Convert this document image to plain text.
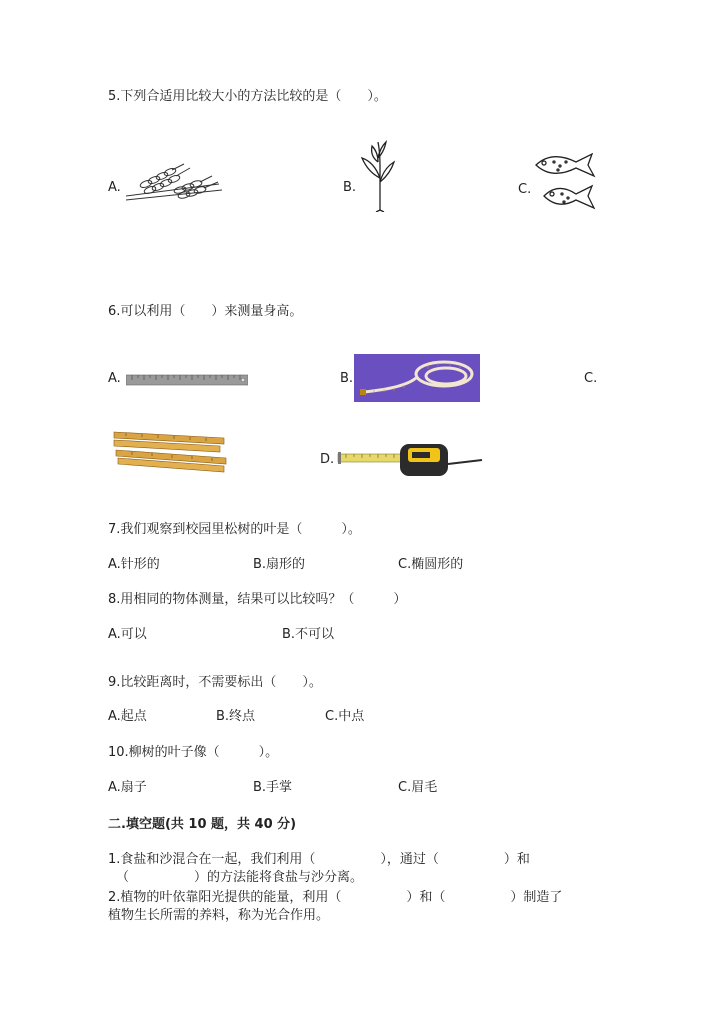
5.下列合适用比较大小的方法比较的是（　　）。
A.	B.	C.
6.可以利用（　　）来测量身高。
A.	B.	C.
D.
7.我们观察到校园里松树的叶是（　　　）。
A.针形的	B.扇形的	C.椭圆形的
8.用相同的物体测量，结果可以比较吗？（　　　）
A.可以	B.不可以
9.比较距离时，不需要标出（　　）。
A.起点	B.终点	C.中点
10.柳树的叶子像（　　　）。
A.扇子	B.手掌	C.眉毛
二.填空题(共 10 题，共 40 分)
1.食盐和沙混合在一起，我们利用（　　　　　），通过（　　　　　）和
（　　　　　）的方法能将食盐与沙分离。
2.植物的叶依靠阳光提供的能量，利用（　　　　　）和（　　　　　）制造了
植物生长所需的养料，称为光合作用。
